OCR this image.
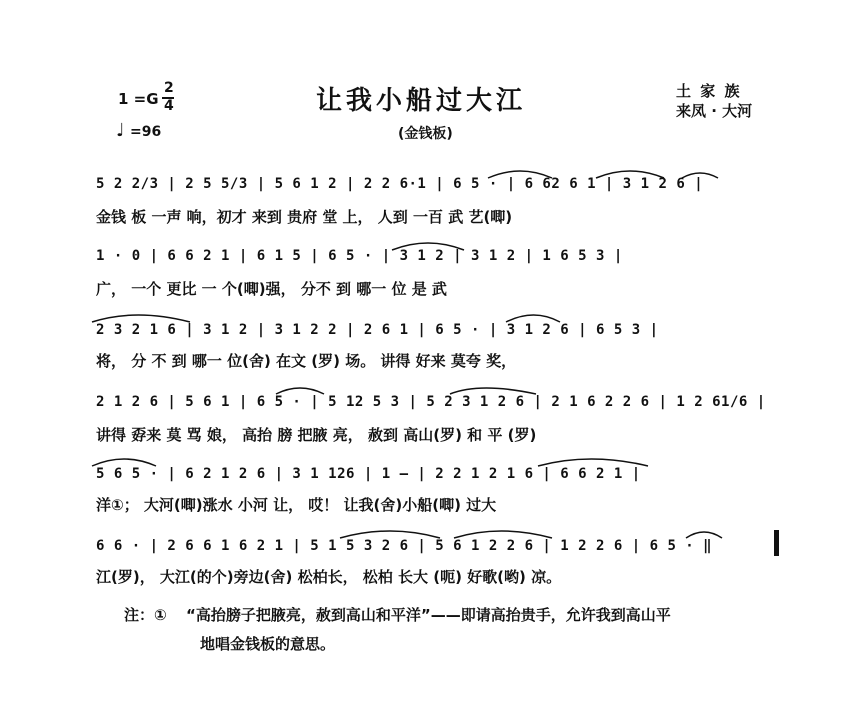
1 =G
2
4
♩ =96
让我小船过大江
(金钱板)
土 家 族
来凤 · 大河
5 2 2/3 | 2 5 5/3 | 5 6 1 2 | 2 2 6·1 | 6 5 · | 6 62 6 1 | 3 1 2 6 |
金钱 板 一声 响，初才 来到 贵府 堂 上， 人到 一百 武 艺(唧)
1 · 0 | 6 6 2 1 | 6 1 5 | 6 5 · | 3 1 2 | 3 1 2 | 1 6 5 3 |
广， 一个 更比 一 个(唧)强， 分不 到 哪一 位 是 武
2 3 2 1 6 | 3 1 2 | 3 1 2 2 | 2 6 1 | 6 5 · | 3 1 2 6 | 6 5 3 |
将， 分 不 到 哪一 位(舍) 在文 (罗) 场。 讲得 好来 莫夸 奖，
2 1 2 6 | 5 6 1 | 6 5 · | 5 12 5 3 | 5 2 3 1 2 6 | 2 1 6 2 2 6 | 1 2 61/6 |
讲得 孬来 莫 骂 娘， 高抬 膀 把腋 亮， 赦到 高山(罗) 和 平 (罗)
5 6 5 · | 6 2 1 2 6 | 3 1 126 | 1 — | 2 2 1 2 1 6 | 6 6 2 1 |
洋①； 大河(唧)涨水 小河 让， 哎！ 让我(舍)小船(唧) 过大
6 6 · | 2 6 6 1 6 2 1 | 5 1 5 3 2 6 | 5 6 1 2 2 6 | 1 2 2 6 | 6 5 · ‖
江(罗)， 大江(的个)旁边(舍) 松柏长， 松柏 长大 (呃) 好歌(哟) 凉。
注：① “高抬膀子把腋亮，赦到高山和平洋”——即请高抬贵手，允许我到高山平
地唱金钱板的意思。
